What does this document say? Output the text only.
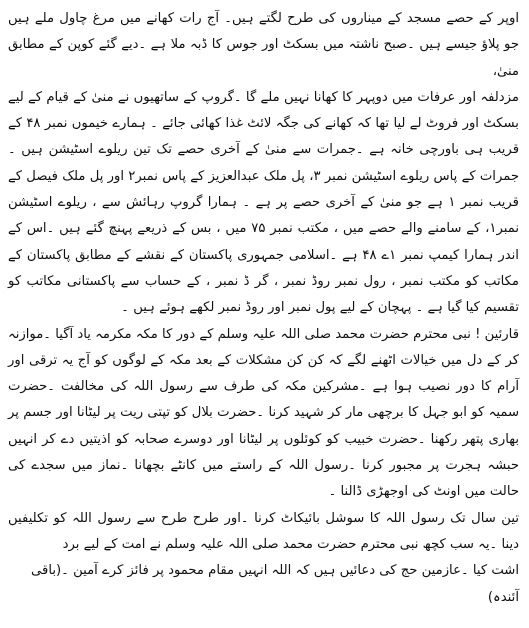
اوپر کے حصے مسجد کے میناروں کی طرح لگتے ہیں۔ آج رات کھانے میں مرغ چاول ملے ہیں جو پلاؤ جیسے ہیں ۔صبح ناشتہ میں بسکٹ اور جوس کا ڈبہ ملا ہے ۔دیے گئے کوپن کے مطابق منیٰ،

مزدلفہ اور عرفات میں دوپہر کا کھانا نہیں ملے گا ۔گروپ کے ساتھیوں نے منیٰ کے قیام کے لیے بسکٹ اور فروٹ لے لیا تھا کہ کھانے کی جگہ لائٹ غذا کھائی جائے ۔ ہمارے خیموں نمبر ۴۸ کے قریب ہی باورچی خانہ ہے ۔جمرات سے منیٰ کے آخری حصے تک تین ریلوے اسٹیشن ہیں ۔جمرات کے پاس ریلوے اسٹیشن نمبر ۳، پل ملک عبدالعزیز کے پاس نمبر۲ اور پل ملک فیصل کے قریب نمبر ۱ ہے جو منیٰ کے آخری حصے پر ہے ۔ ہمارا گروپ رہائش سے ، ریلوے اسٹیشن نمبر۱، کے سامنے والے حصے میں ، مکتب نمبر ۷۵ میں ، بس کے ذریعے پہنچ گئے ہیں ۔اس کے اندر ہمارا کیمپ نمبر ۱ے ۴۸ ہے ۔اسلامی جمہوری پاکستان کے نقشے کے مطابق پاکستان کے مکاتب کو مکتب نمبر ، رول نمبر روڈ نمبر ، گر ڈ نمبر ، کے حساب سے پاکستانی مکاتب کو تقسیم کیا گیا ہے ۔ پہچان کے لیے پول نمبر اور روڈ نمبر لکھے ہوئے ہیں ۔

قارئین ! نبی محترم حضرت محمد صلی اللہ علیہ وسلم کے دور کا مکہ مکرمہ یاد آگیا ۔موازنہ کر کے دل میں خیالات اٹھنے لگے کہ کن کن مشکلات کے بعد مکہ کے لوگوں کو آج یہ ترقی اور آرام کا دور نصیب ہوا ہے ۔مشرکین مکہ کی طرف سے رسول اللہ کی مخالفت ۔حضرت سمیہ کو ابو جہل کا برچھی مار کر شہید کرنا ۔حضرت بلال کو تپتی ریت پر لیٹانا اور جسم پر بھاری پتھر رکھنا ۔حضرت خبیب کو کوئلوں پر لیٹانا اور دوسرے صحابہ کو اذیتیں دے کر انہیں حبشہ ہجرت پر مجبور کرنا ۔رسول اللہ کے راستے میں کانٹے بچھانا ۔نماز میں سجدے کی حالت میں اونٹ کی اوجھڑی ڈالنا ۔

تین سال تک رسول اللہ کا سوشل بائیکاٹ کرنا ۔اور طرح طرح سے رسول اللہ کو تکلیفیں دینا ۔یہ سب کچھ نبی محترم حضرت محمد صلی اللہ علیہ وسلم نے امت کے لیے برد

اشت کیا ۔عازمین حج کی دعائیں ہیں کہ اللہ انہیں مقام محمود پر فائز کرے آمین ۔(باقی آئندہ)
